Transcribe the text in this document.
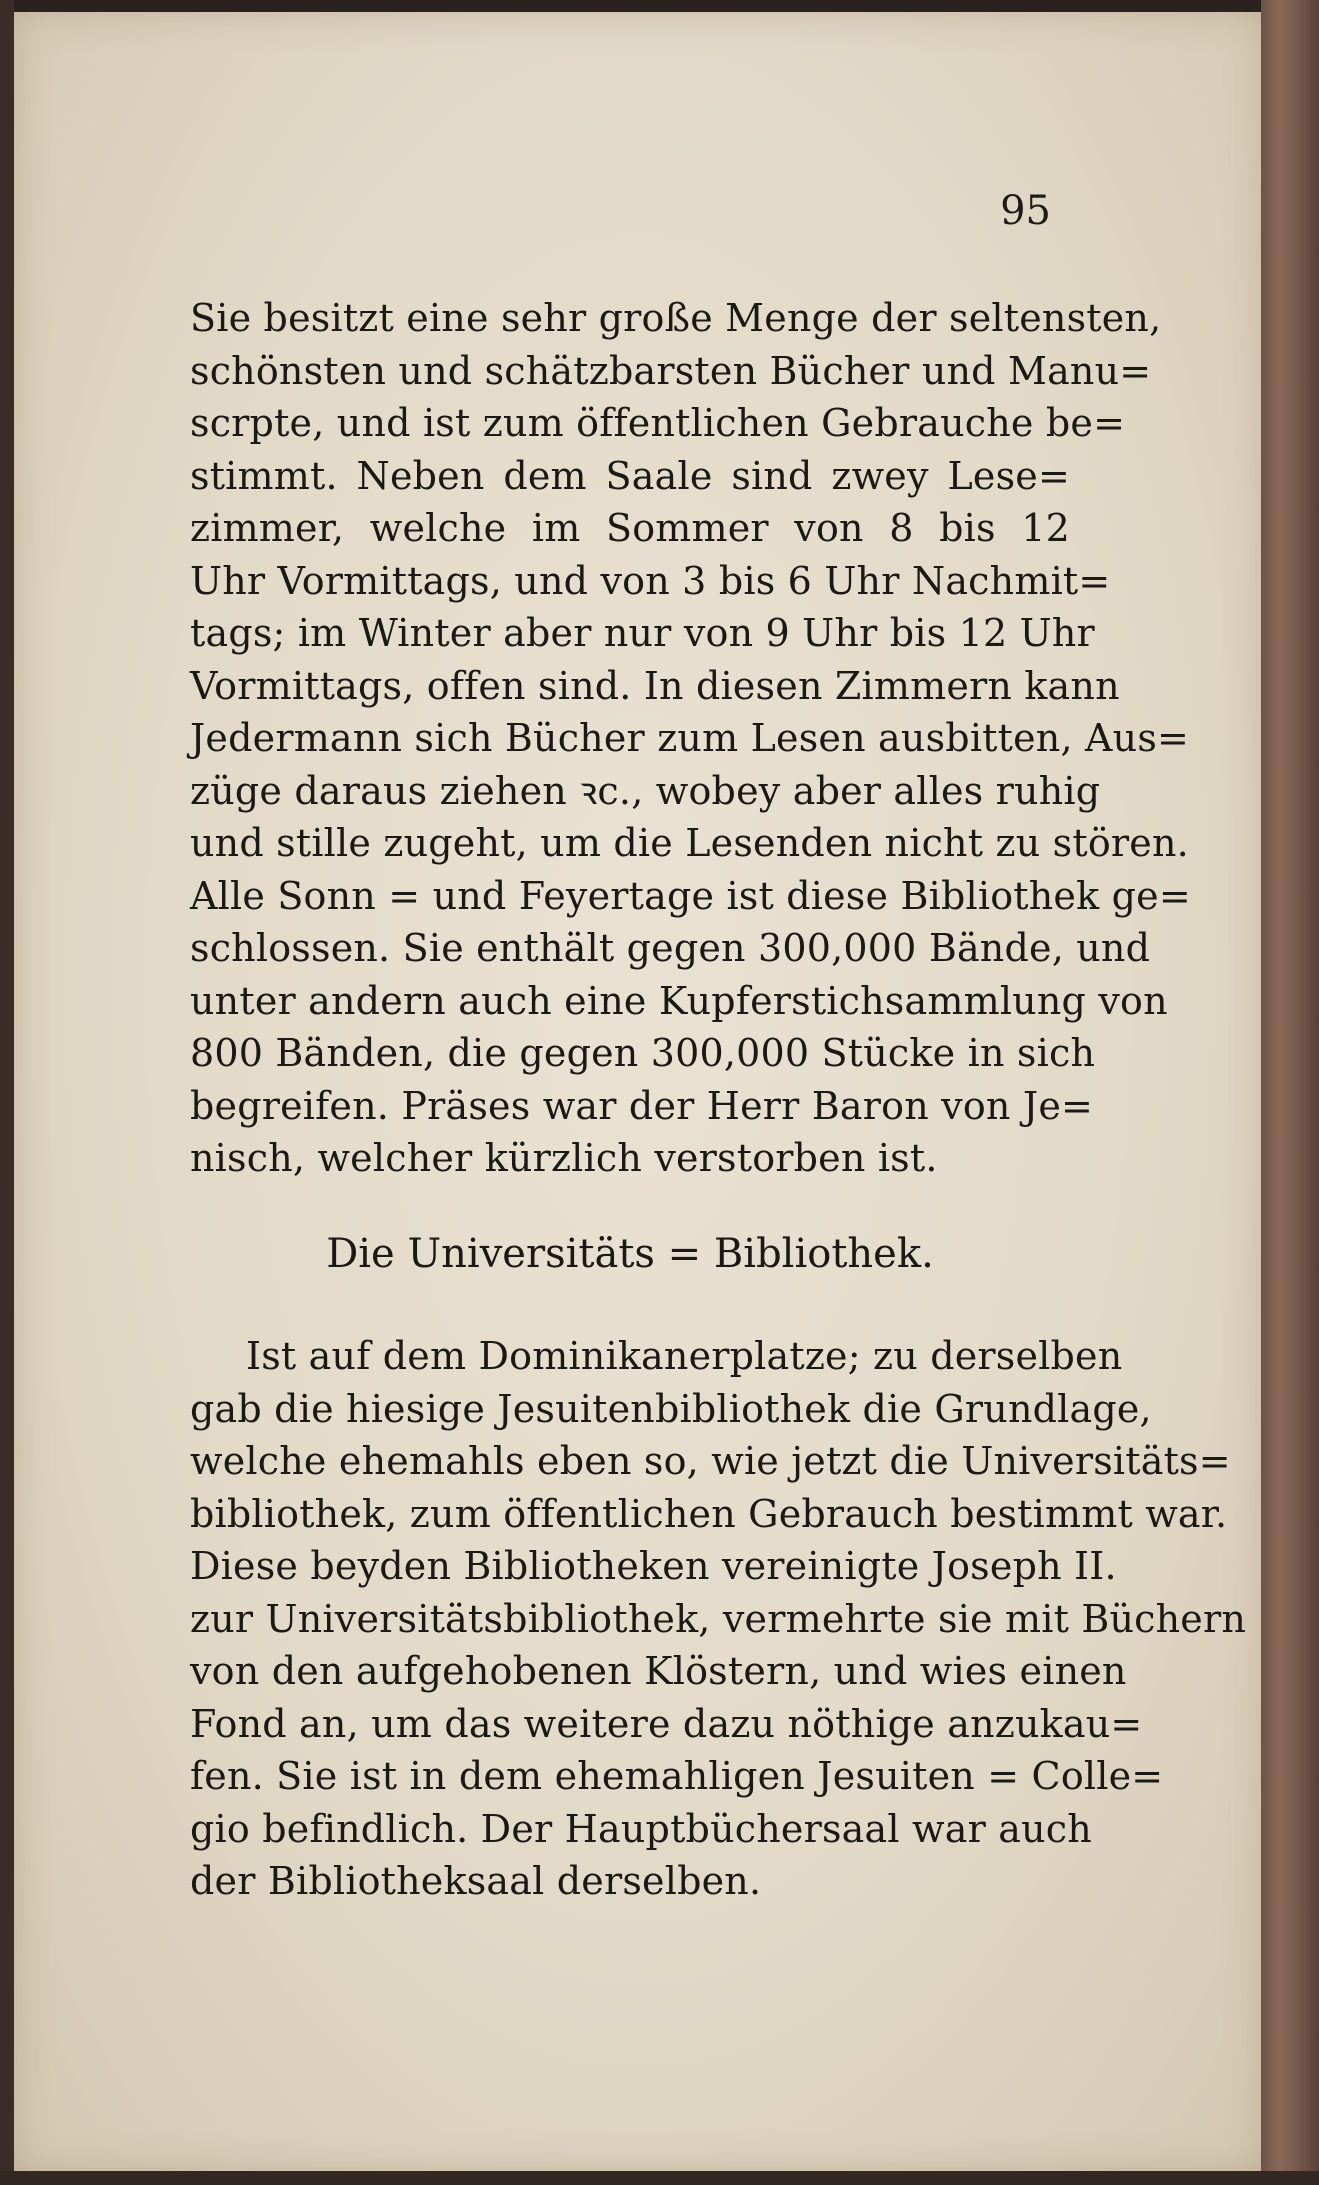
95
Sie besitzt eine sehr große Menge der seltensten,
schönsten und schätzbarsten Bücher und Manu=
scrpte, und ist zum öffentlichen Gebrauche be=
stimmt. Neben dem Saale sind zwey Lese=
zimmer, welche im Sommer von 8 bis 12
Uhr Vormittags, und von 3 bis 6 Uhr Nachmit=
tags; im Winter aber nur von 9 Uhr bis 12 Uhr
Vormittags, offen sind. In diesen Zimmern kann
Jedermann sich Bücher zum Lesen ausbitten, Aus=
züge daraus ziehen ꝛc., wobey aber alles ruhig
und stille zugeht, um die Lesenden nicht zu stören.
Alle Sonn = und Feyertage ist diese Bibliothek ge=
schlossen. Sie enthält gegen 300,000 Bände, und
unter andern auch eine Kupferstichsammlung von
800 Bänden, die gegen 300,000 Stücke in sich
begreifen. Präses war der Herr Baron von Je=
nisch, welcher kürzlich verstorben ist.
Die Universitäts = Bibliothek.
Ist auf dem Dominikanerplatze; zu derselben
gab die hiesige Jesuitenbibliothek die Grundlage,
welche ehemahls eben so, wie jetzt die Universitäts=
bibliothek, zum öffentlichen Gebrauch bestimmt war.
Diese beyden Bibliotheken vereinigte Joseph II.
zur Universitätsbibliothek, vermehrte sie mit Büchern
von den aufgehobenen Klöstern, und wies einen
Fond an, um das weitere dazu nöthige anzukau=
fen. Sie ist in dem ehemahligen Jesuiten = Colle=
gio befindlich. Der Hauptbüchersaal war auch
der Bibliotheksaal derselben.
